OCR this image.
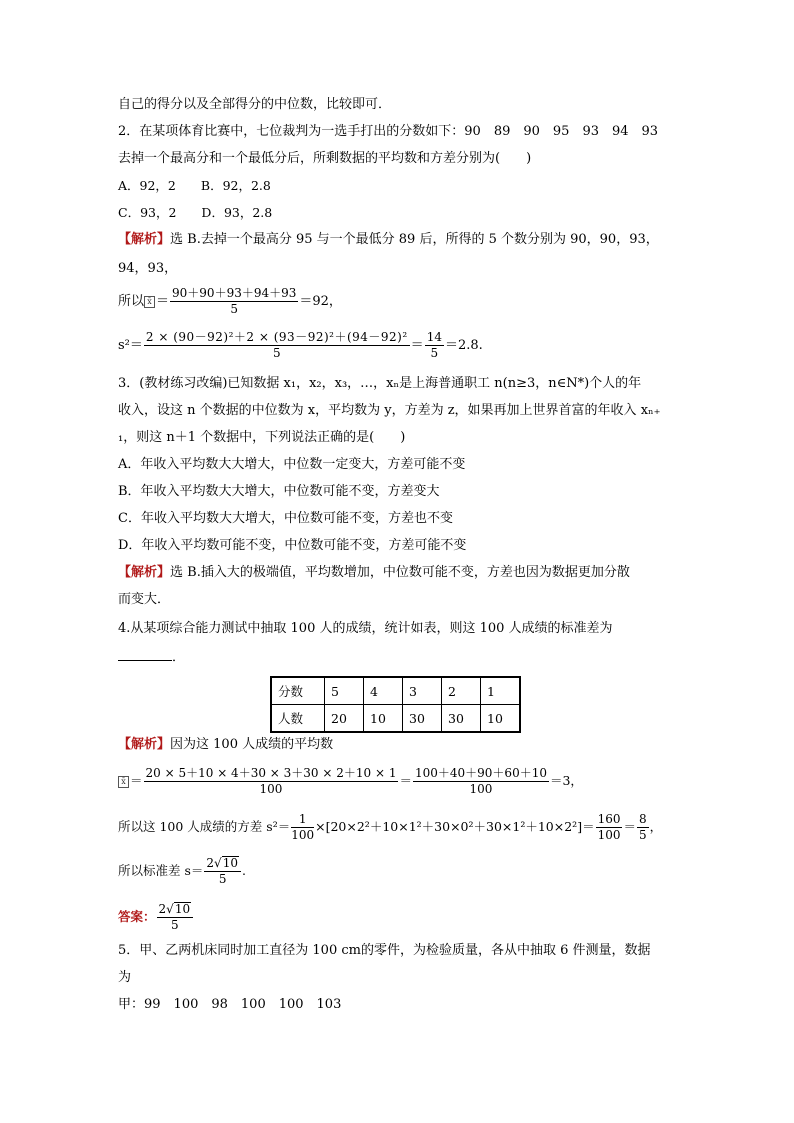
自己的得分以及全部得分的中位数，比较即可．
2．在某项体育比赛中，七位裁判为一选手打出的分数如下：90　89　90　95　93　94　93
去掉一个最高分和一个最低分后，所剩数据的平均数和方差分别为(　　)
A．92，2　　B．92，2.8
C．93，2　　D．93，2.8
【解析】选 B.去掉一个最高分 95 与一个最低分 89 后，所得的 5 个数分别为 90，90，93，
94，93，
所以 x̄ ＝ $\frac{90+90+93+94+93}{5} =92$，
$s^2= \frac{\text{2 × (90－92)²＋2 × (93－92)²＋(94－92)²}}{5} = \frac{14}{5} =2.8$.
3．(教材练习改编)已知数据 x₁，x₂，x₃，…，xₙ是上海普通职工 n(n≥3，n∈N*)个人的年
收入，设这 n 个数据的中位数为 x，平均数为 y，方差为 z，如果再加上世界首富的年收入 xₙ₊
₁，则这 n＋1 个数据中，下列说法正确的是(　　)
A．年收入平均数大大增大，中位数一定变大，方差可能不变
B．年收入平均数大大增大，中位数可能不变，方差变大
C．年收入平均数大大增大，中位数可能不变，方差也不变
D．年收入平均数可能不变，中位数可能不变，方差可能不变
【解析】选 B.插入大的极端值，平均数增加，中位数可能不变，方差也因为数据更加分散
而变大．
4.从某项综合能力测试中抽取 100 人的成绩，统计如表，则这 100 人成绩的标准差为
．
分数	5	4	3	2	1
人数	20	10	30	30	10
【解析】因为这 100 人成绩的平均数
x̄ ＝ $\frac{20 \times 5+10 \times 4+30 \times 3+30 \times 2+10 \times 1}{100} = \frac{100+40+90+60+10}{100} =3$，
所以这 100 人成绩的方差 $s^2= \frac{1}{100} \times[20\times 2^2+10\times 1^2+30\times 0^2+30\times 1^2+10\times 2^2]= \frac{160}{100} = \frac{8}{5}$ ，
所以标准差 $s= \frac{2√10}{5}$ .
答案： $\frac{2√10}{5}$
5．甲、乙两机床同时加工直径为 100 cm的零件，为检验质量，各从中抽取 6 件测量，数据
为
甲：99　100　98　100　100　103
